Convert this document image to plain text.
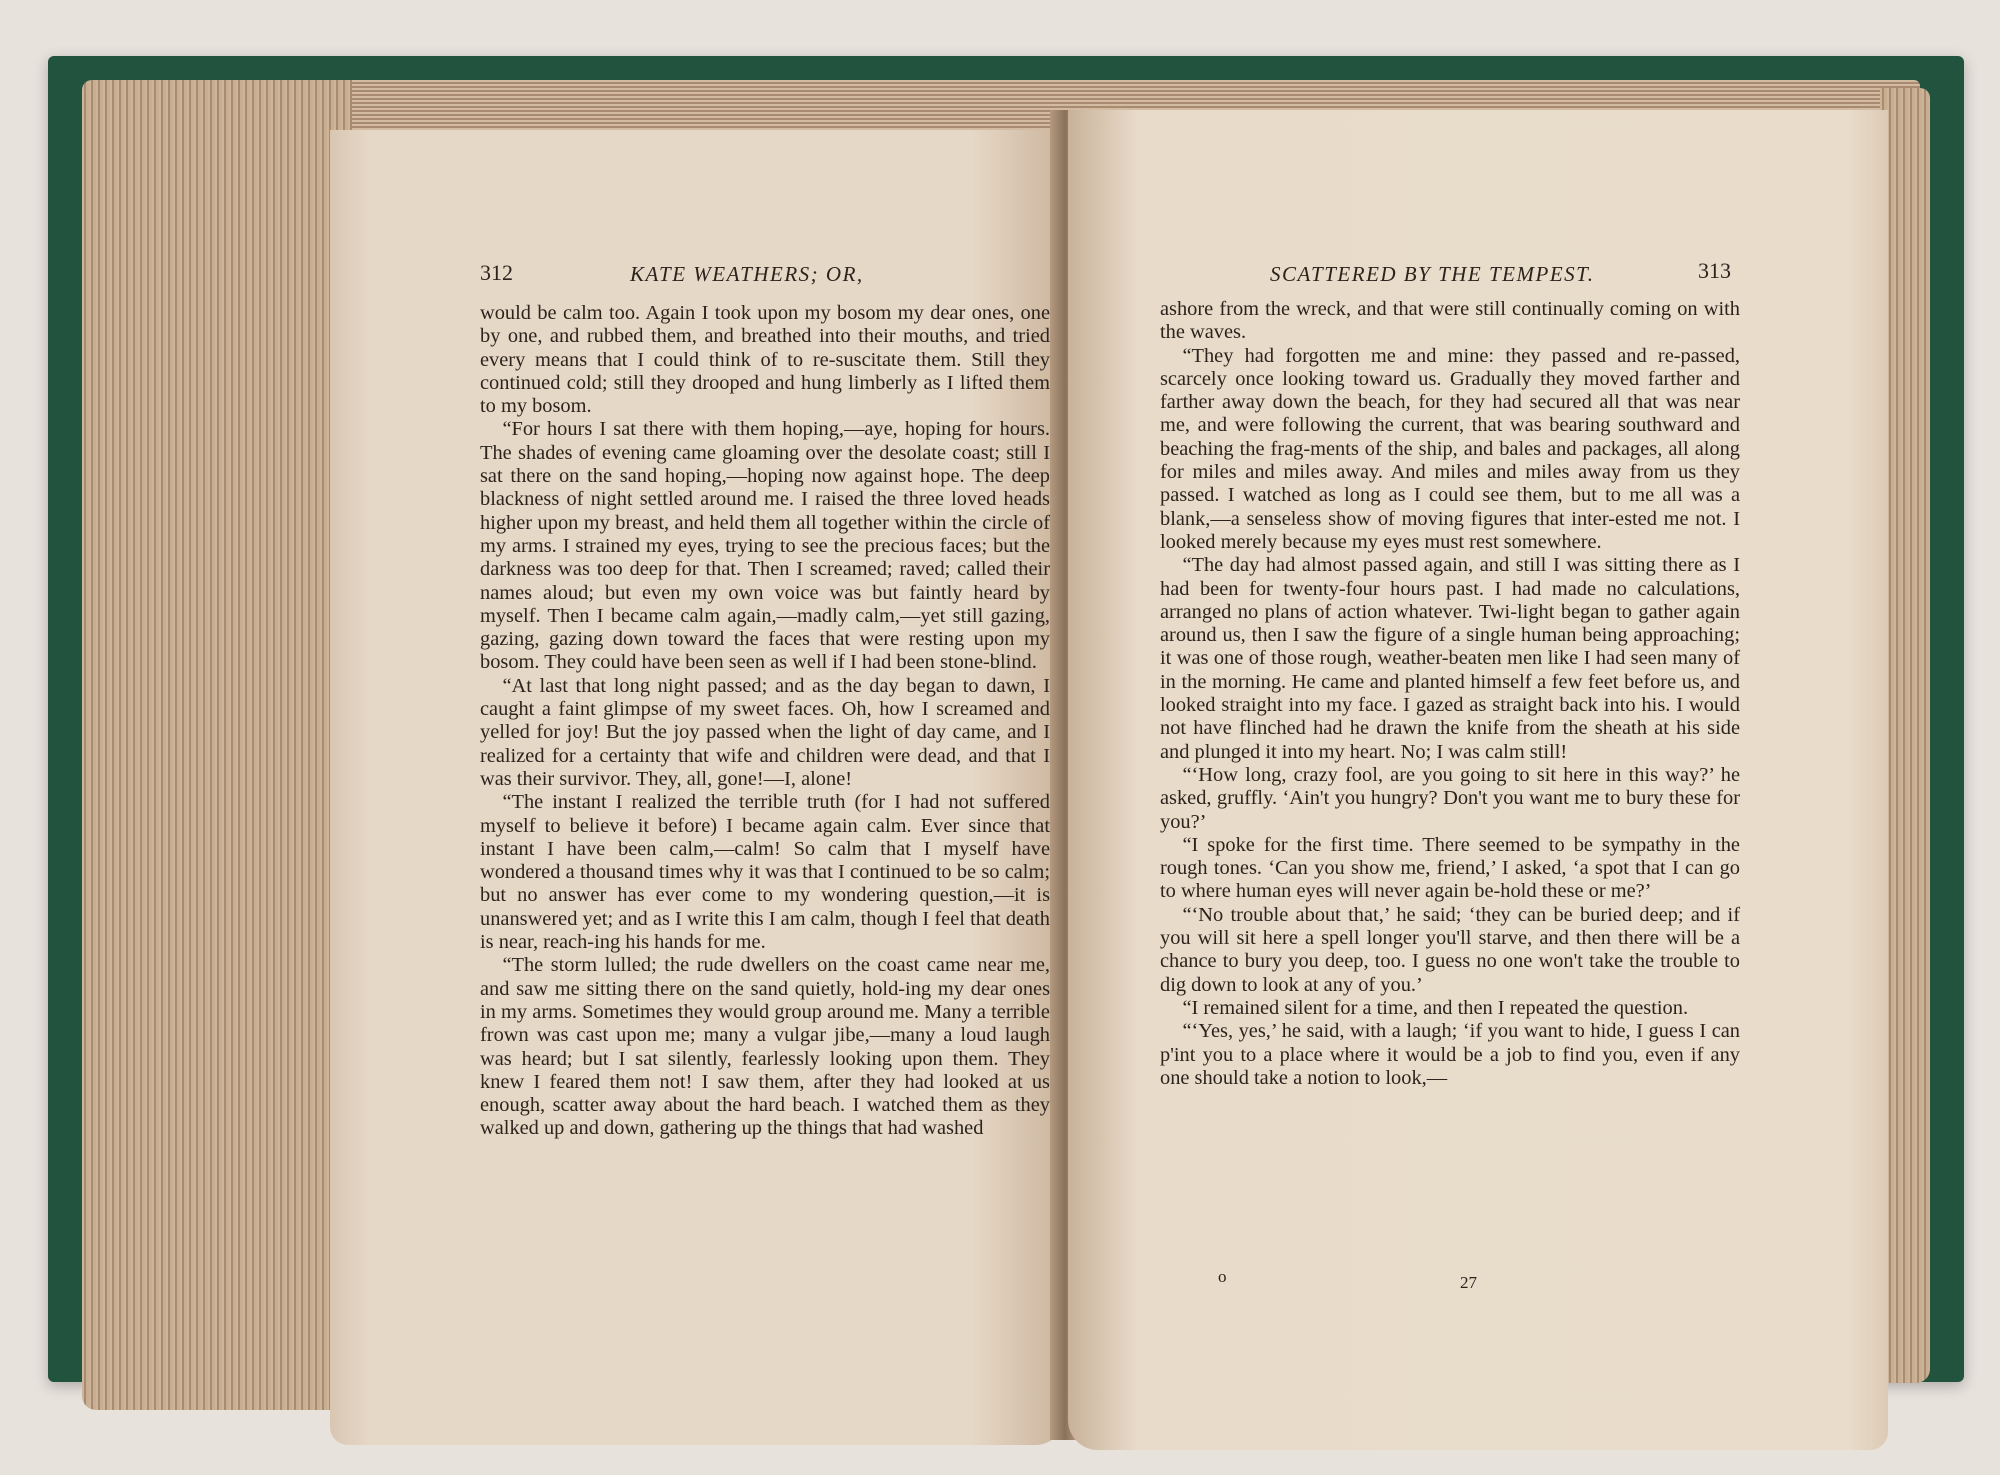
312	KATE WEATHERS; OR,

would be calm too. Again I took upon my bosom my dear ones, one by one, and rubbed them, and breathed into their mouths, and tried every means that I could think of to re-suscitate them. Still they continued cold; still they drooped and hung limberly as I lifted them to my bosom.

“For hours I sat there with them hoping,—aye, hoping for hours. The shades of evening came gloaming over the desolate coast; still I sat there on the sand hoping,—hoping now against hope. The deep blackness of night settled around me. I raised the three loved heads higher upon my breast, and held them all together within the circle of my arms. I strained my eyes, trying to see the precious faces; but the darkness was too deep for that. Then I screamed; raved; called their names aloud; but even my own voice was but faintly heard by myself. Then I became calm again,—madly calm,—yet still gazing, gazing, gazing down toward the faces that were resting upon my bosom. They could have been seen as well if I had been stone-blind.

“At last that long night passed; and as the day began to dawn, I caught a faint glimpse of my sweet faces. Oh, how I screamed and yelled for joy! But the joy passed when the light of day came, and I realized for a certainty that wife and children were dead, and that I was their survivor. They, all, gone!—I, alone!

“The instant I realized the terrible truth (for I had not suffered myself to believe it before) I became again calm. Ever since that instant I have been calm,—calm! So calm that I myself have wondered a thousand times why it was that I continued to be so calm; but no answer has ever come to my wondering question,—it is unanswered yet; and as I write this I am calm, though I feel that death is near, reach-ing his hands for me.

“The storm lulled; the rude dwellers on the coast came near me, and saw me sitting there on the sand quietly, hold-ing my dear ones in my arms. Sometimes they would group around me. Many a terrible frown was cast upon me; many a vulgar jibe,—many a loud laugh was heard; but I sat silently, fearlessly looking upon them. They knew I feared them not! I saw them, after they had looked at us enough, scatter away about the hard beach. I watched them as they walked up and down, gathering up the things that had washed

SCATTERED BY THE TEMPEST.	313

ashore from the wreck, and that were still continually coming on with the waves.

“They had forgotten me and mine: they passed and re-passed, scarcely once looking toward us. Gradually they moved farther and farther away down the beach, for they had secured all that was near me, and were following the current, that was bearing southward and beaching the frag-ments of the ship, and bales and packages, all along for miles and miles away. And miles and miles away from us they passed. I watched as long as I could see them, but to me all was a blank,—a senseless show of moving figures that inter-ested me not. I looked merely because my eyes must rest somewhere.

“The day had almost passed again, and still I was sitting there as I had been for twenty-four hours past. I had made no calculations, arranged no plans of action whatever. Twi-light began to gather again around us, then I saw the figure of a single human being approaching; it was one of those rough, weather-beaten men like I had seen many of in the morning. He came and planted himself a few feet before us, and looked straight into my face. I gazed as straight back into his. I would not have flinched had he drawn the knife from the sheath at his side and plunged it into my heart. No; I was calm still!

“‘How long, crazy fool, are you going to sit here in this way?’ he asked, gruffly. ‘Ain't you hungry? Don't you want me to bury these for you?’

“I spoke for the first time. There seemed to be sympathy in the rough tones. ‘Can you show me, friend,’ I asked, ‘a spot that I can go to where human eyes will never again be-hold these or me?’

“‘No trouble about that,’ he said; ‘they can be buried deep; and if you will sit here a spell longer you'll starve, and then there will be a chance to bury you deep, too. I guess no one won't take the trouble to dig down to look at any of you.’

“I remained silent for a time, and then I repeated the question.

“‘Yes, yes,’ he said, with a laugh; ‘if you want to hide, I guess I can p'int you to a place where it would be a job to find you, even if any one should take a notion to look,—

o	27
